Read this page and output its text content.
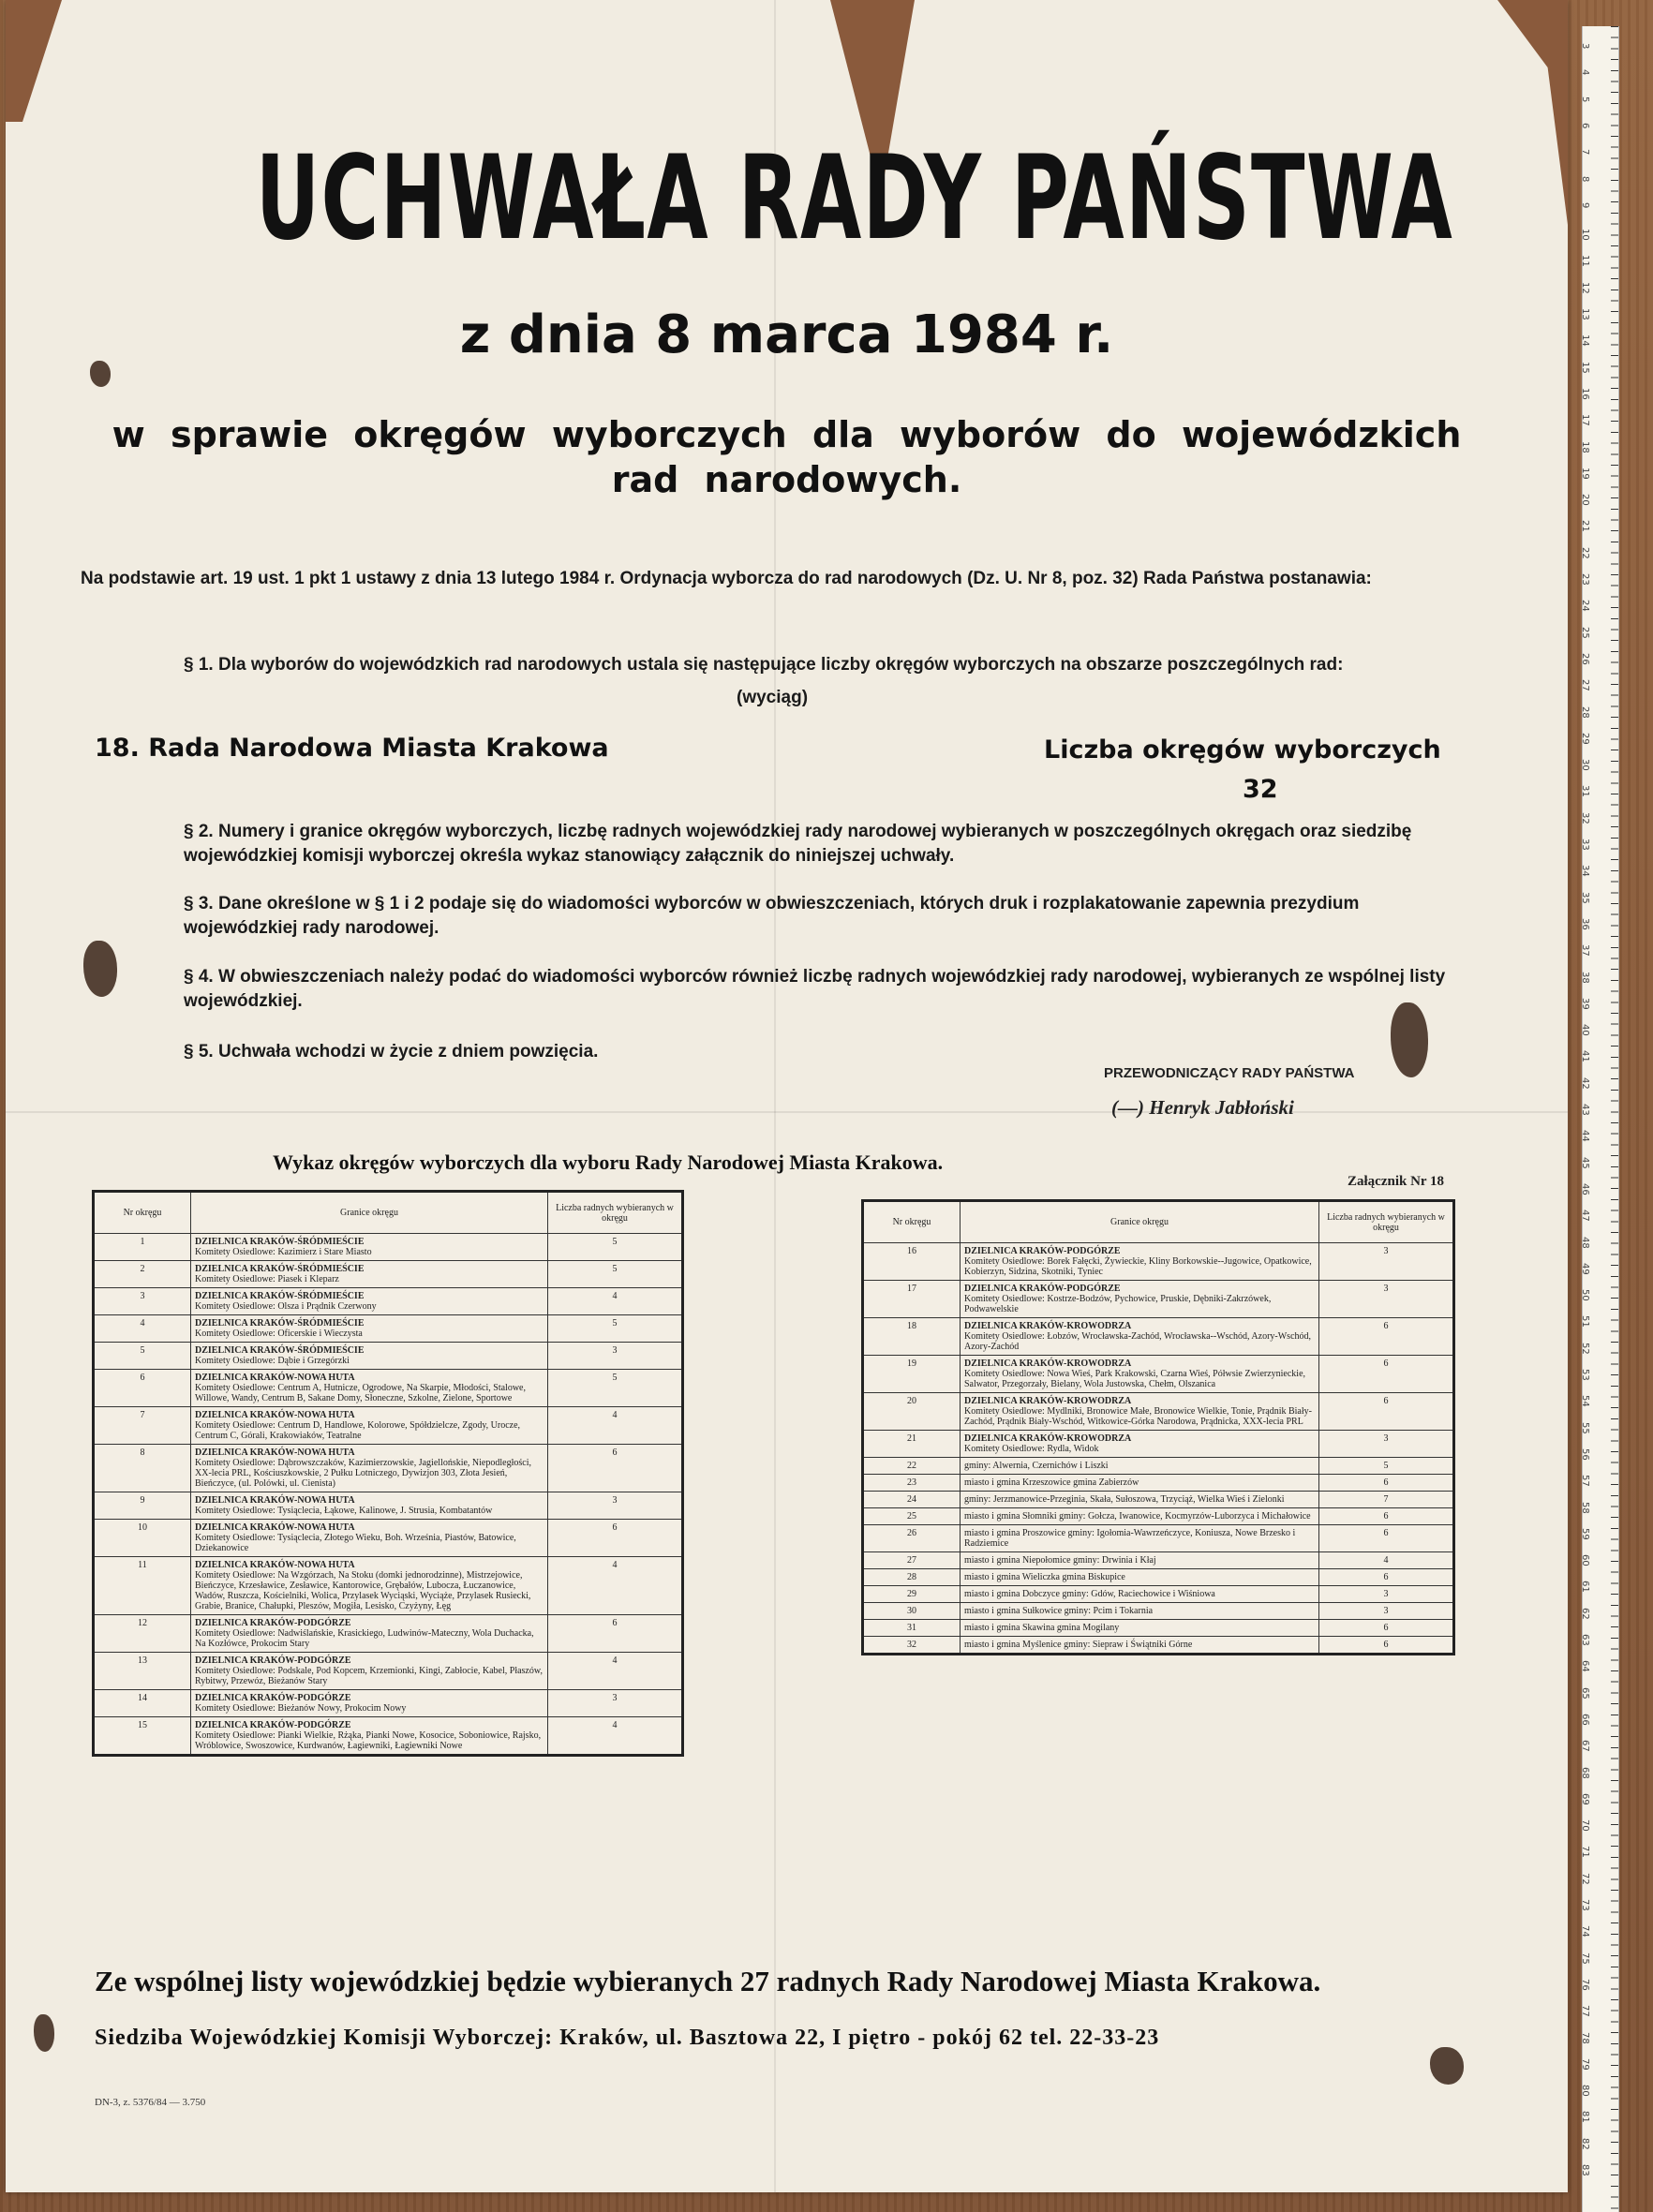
UCHWAŁA RADY PAŃSTWA
z dnia 8 marca 1984 r.
w sprawie okręgów wyborczych dla wyborów do wojewódzkich rad narodowych.
Na podstawie art. 19 ust. 1 pkt 1 ustawy z dnia 13 lutego 1984 r. Ordynacja wyborcza do rad narodowych (Dz. U. Nr 8, poz. 32) Rada Państwa postanawia:
§ 1. Dla wyborów do wojewódzkich rad narodowych ustala się następujące liczby okręgów wyborczych na obszarze poszczególnych rad:
(wyciąg)
18. Rada Narodowa Miasta Krakowa	Liczba okręgów wyborczych
32
§ 2. Numery i granice okręgów wyborczych, liczbę radnych wojewódzkiej rady narodowej wybieranych w poszczególnych okręgach oraz siedzibę wojewódzkiej komisji wyborczej określa wykaz stanowiący załącznik do niniejszej uchwały.
§ 3. Dane określone w § 1 i 2 podaje się do wiadomości wyborców w obwieszczeniach, których druk i rozplakatowanie zapewnia prezydium wojewódzkiej rady narodowej.
§ 4. W obwieszczeniach należy podać do wiadomości wyborców również liczbę radnych wojewódzkiej rady narodowej, wybieranych ze wspólnej listy wojewódzkiej.
§ 5. Uchwała wchodzi w życie z dniem powzięcia.
PRZEWODNICZĄCY RADY PAŃSTWA
(—) Henryk Jabłoński
Wykaz okręgów wyborczych dla wyboru Rady Narodowej Miasta Krakowa.
Załącznik Nr 18
Nr okręgu	Granice okręgu	Liczba radnych wybieranych w okręgu
1	DZIELNICA KRAKÓW-ŚRÓDMIEŚCIE
Komitety Osiedlowe: Kazimierz i Stare Miasto	5
2	DZIELNICA KRAKÓW-ŚRÓDMIEŚCIE
Komitety Osiedlowe: Piasek i Kleparz	5
3	DZIELNICA KRAKÓW-ŚRÓDMIEŚCIE
Komitety Osiedlowe: Olsza i Prądnik Czerwony	4
4	DZIELNICA KRAKÓW-ŚRÓDMIEŚCIE
Komitety Osiedlowe: Oficerskie i Wieczysta	5
5	DZIELNICA KRAKÓW-ŚRÓDMIEŚCIE
Komitety Osiedlowe: Dąbie i Grzegórzki	3
6	DZIELNICA KRAKÓW-NOWA HUTA
Komitety Osiedlowe: Centrum A, Hutnicze, Ogrodowe, Na Skarpie, Młodości, Stalowe, Willowe, Wandy, Centrum B, Sakane Domy, Słoneczne, Szkolne, Zielone, Sportowe	5
7	DZIELNICA KRAKÓW-NOWA HUTA
Komitety Osiedlowe: Centrum D, Handlowe, Kolorowe, Spółdzielcze, Zgody, Urocze, Centrum C, Górali, Krakowiaków, Teatralne	4
8	DZIELNICA KRAKÓW-NOWA HUTA
Komitety Osiedlowe: Dąbrowszczaków, Kazimierzowskie, Jagiellońskie, Niepodległości, XX-lecia PRL, Kościuszkowskie, 2 Pułku Lotniczego, Dywizjon 303, Złota Jesień, Bieńczyce, (ul. Polówki, ul. Cienista)	6
9	DZIELNICA KRAKÓW-NOWA HUTA
Komitety Osiedlowe: Tysiąclecia, Łąkowe, Kalinowe, J. Strusia, Kombatantów	3
10	DZIELNICA KRAKÓW-NOWA HUTA
Komitety Osiedlowe: Tysiąclecia, Złotego Wieku, Boh. Września, Piastów, Batowice, Dziekanowice	6
11	DZIELNICA KRAKÓW-NOWA HUTA
Komitety Osiedlowe: Na Wzgórzach, Na Stoku (domki jednorodzinne), Mistrzejowice, Bieńczyce, Krzesławice, Zesławice, Kantorowice, Grębałów, Luboczа, Łuczanowice, Wadów, Ruszcza, Kościelniki, Wolica, Przylasek Wyciąski, Wyciąże, Przylasek Rusiecki, Grabie, Branice, Chałupki, Pleszów, Mogiła, Lesisko, Czyżyny, Łęg	4
12	DZIELNICA KRAKÓW-PODGÓRZE
Komitety Osiedlowe: Nadwiślańskie, Krasickiego, Ludwinów-Mateczny, Wola Duchacka, Na Kozłówce, Prokocim Stary	6
13	DZIELNICA KRAKÓW-PODGÓRZE
Komitety Osiedlowe: Podskale, Pod Kopcem, Krzemionki, Kingi, Zabłocie, Kabel, Płaszów, Rybitwy, Przewóz, Bieżanów Stary	4
14	DZIELNICA KRAKÓW-PODGÓRZE
Komitety Osiedlowe: Bieżanów Nowy, Prokocim Nowy	3
15	DZIELNICA KRAKÓW-PODGÓRZE
Komitety Osiedlowe: Pianki Wielkie, Rżąka, Pianki Nowe, Kosocice, Soboniowice, Rajsko, Wróblowice, Swoszowice, Kurdwanów, Łagiewniki, Łagiewniki Nowe	4
Nr okręgu	Granice okręgu	Liczba radnych wybieranych w okręgu
16	DZIELNICA KRAKÓW-PODGÓRZE
Komitety Osiedlowe: Borek Fałęcki, Żywieckie, Kliny Borkowskie--Jugowice, Opatkowice, Kobierzyn, Sidzina, Skotniki, Tyniec	3
17	DZIELNICA KRAKÓW-PODGÓRZE
Komitety Osiedlowe: Kostrze-Bodzów, Pychowice, Pruskie, Dębniki-Zakrzówek, Podwawelskie	3
18	DZIELNICA KRAKÓW-KROWODRZA
Komitety Osiedlowe: Łobzów, Wrocławska-Zachód, Wrocławska--Wschód, Azory-Wschód, Azory-Zachód	6
19	DZIELNICA KRAKÓW-KROWODRZA
Komitety Osiedlowe: Nowa Wieś, Park Krakowski, Czarna Wieś, Półwsie Zwierzynieckie, Salwator, Przegorzały, Bielany, Wola Justowska, Chełm, Olszanica	6
20	DZIELNICA KRAKÓW-KROWODRZA
Komitety Osiedlowe: Mydlniki, Bronowice Małe, Bronowice Wielkie, Tonie, Prądnik Biały-Zachód, Prądnik Biały-Wschód, Witkowice-Górka Narodowa, Prądnicka, XXX-lecia PRL	6
21	DZIELNICA KRAKÓW-KROWODRZA
Komitety Osiedlowe: Rydla, Widok	3
22	gminy: Alwernia, Czernichów i Liszki	5
23	miasto i gmina Krzeszowice gmina Zabierzów	6
24	gminy: Jerzmanowice-Przeginia, Skała, Sułoszowa, Trzyciąż, Wielka Wieś i Zielonki	7
25	miasto i gmina Słomniki gminy: Gołcza, Iwanowice, Kocmyrzów-Luborzyca i Michałowice	6
26	miasto i gmina Proszowice gminy: Igołomia-Wawrzeńczyce, Koniusza, Nowe Brzesko i Radziemice	6
27	miasto i gmina Niepołomice gminy: Drwinia i Kłaj	4
28	miasto i gmina Wieliczka gmina Biskupice	6
29	miasto i gmina Dobczyce gminy: Gdów, Raciechowice i Wiśniowa	3
30	miasto i gmina Sułkowice gminy: Pcim i Tokarnia	3
31	miasto i gmina Skawina gmina Mogilany	6
32	miasto i gmina Myślenice gminy: Siepraw i Świątniki Górne	6
Ze wspólnej listy wojewódzkiej będzie wybieranych 27 radnych Rady Narodowej Miasta Krakowa.
Siedziba Wojewódzkiej Komisji Wyborczej: Kraków, ul. Basztowa 22, I piętro - pokój 62 tel. 22-33-23
DN-3, z. 5376/84 — 3.750
3
4
5
6
7
8
9
10
11
12
13
14
15
16
17
18
19
20
21
22
23
24
25
26
27
28
29
30
31
32
33
34
35
36
37
38
39
40
41
42
43
44
45
46
47
48
49
50
51
52
53
54
55
56
57
58
59
60
61
62
63
64
65
66
67
68
69
70
71
72
73
74
75
76
77
78
79
80
81
82
83
